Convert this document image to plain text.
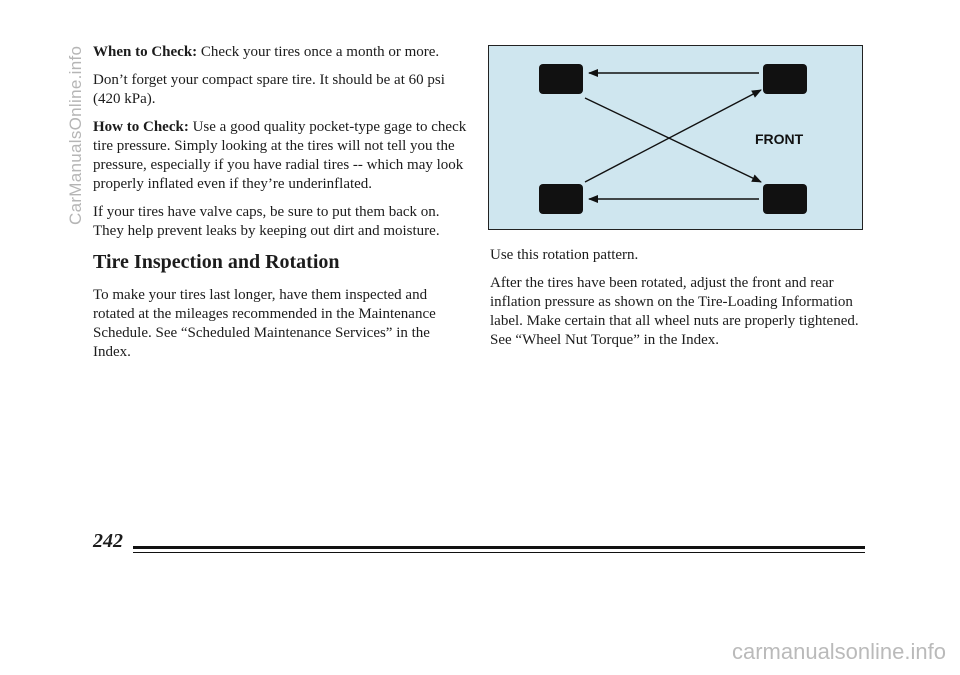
When to Check: Check your tires once a month or more.

Don’t forget your compact spare tire. It should be at 60 psi (420 kPa).

How to Check: Use a good quality pocket-type gage to check tire pressure. Simply looking at the tires will not tell you the pressure, especially if you have radial tires -- which may look properly inflated even if they’re underinflated.

If your tires have valve caps, be sure to put them back on. They help prevent leaks by keeping out dirt and moisture.

Tire Inspection and Rotation

To make your tires last longer, have them inspected and rotated at the mileages recommended in the Maintenance Schedule. See “Scheduled Maintenance Services” in the Index.

FRONT

Use this rotation pattern.

After the tires have been rotated, adjust the front and rear inflation pressure as shown on the Tire-Loading Information label. Make certain that all wheel nuts are properly tightened. See “Wheel Nut Torque” in the Index.

242
CarManualsOnline.info
carmanualsonline.info
